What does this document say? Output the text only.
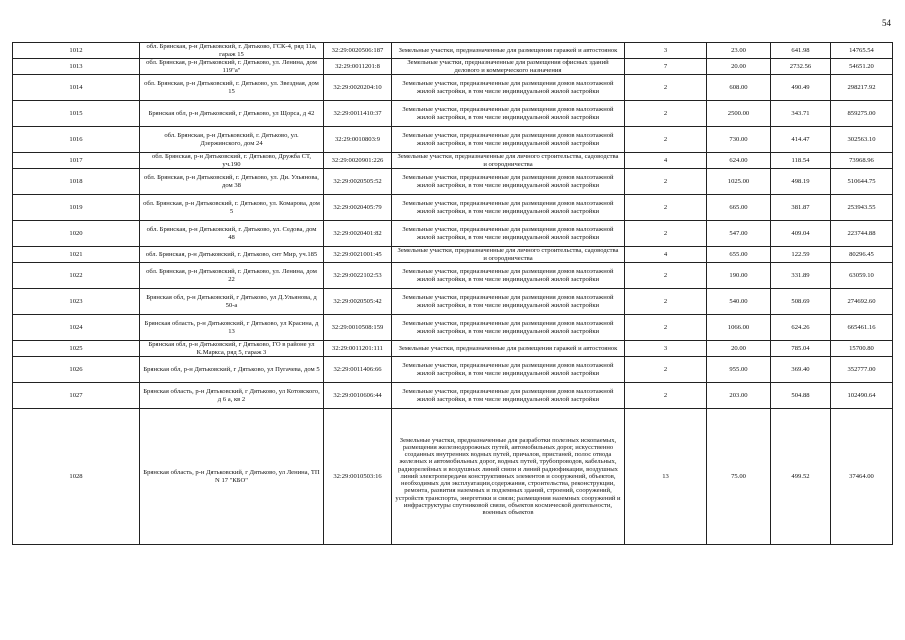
54
1012	обл. Брянская, р-н Дятьковский, г. Дятьково, ГСК-4, ряд 11а, гараж 15	32:29:0020506:187	Земельные участки, предназначенные для размещения гаражей и автостоянок	3	23.00	641.98	14765.54
1013	обл. Брянская, р-н Дятьковский, г. Дятьково, ул. Ленина, дом 119"а"	32:29:0011201:8	Земельные участки, предназначенные для размещения офисных зданий делового и коммерческого назначения	7	20.00	2732.56	54651.20
1014	обл. Брянская, р-н Дятьковский, г. Дятьково, ул. Звездная, дом 15	32:29:0020204:10	Земельные участки, предназначенные для размещения домов малоэтажной жилой застройки, в том числе индивидуальной жилой застройки	2	608.00	490.49	298217.92
1015	Брянская обл, р-н Дятьковский, г Дятьково, ул Щорса, д 42	32:29:0011410:37	Земельные участки, предназначенные для размещения домов малоэтажной жилой застройки, в том числе индивидуальной жилой застройки	2	2500.00	343.71	859275.00
1016	обл. Брянская, р-н Дятьковский, г. Дятьково, ул. Дзержинского, дом 24	32:29:0010803:9	Земельные участки, предназначенные для размещения домов малоэтажной жилой застройки, в том числе индивидуальной жилой застройки	2	730.00	414.47	302563.10
1017	обл. Брянская, р-н Дятьковский, г. Дятьково, Дружба СТ, уч.190	32:29:0020901:226	Земельные участки, предназначенные для личного строительства, садоводства и огородничества	4	624.00	118.54	73968.96
1018	обл. Брянская, р-н Дятьковский, г. Дятьково, ул. Ди. Ульянова, дом 38	32:29:0020505:52	Земельные участки, предназначенные для размещения домов малоэтажной жилой застройки, в том числе индивидуальной жилой застройки	2	1025.00	498.19	510644.75
1019	обл. Брянская, р-н Дятьковский, г. Дятьково, ул. Комарова, дом 5	32:29:0020405:79	Земельные участки, предназначенные для размещения домов малоэтажной жилой застройки, в том числе индивидуальной жилой застройки	2	665.00	381.87	253943.55
1020	обл. Брянская, р-н Дятьковский, г. Дятьково, ул. Седова, дом 48	32:29:0020401:82	Земельные участки, предназначенные для размещения домов малоэтажной жилой застройки, в том числе индивидуальной жилой застройки	2	547.00	409.04	223744.88
1021	обл. Брянская, р-н Дятьковский, г. Дятьково, снт Мир, уч.185	32:29:0021001:45	Земельные участки, предназначенные для личного строительства, садоводства и огородничества	4	655.00	122.59	80296.45
1022	обл. Брянская, р-н Дятьковский, г. Дятьково, ул. Ленина, дом 22	32:29:0022102:53	Земельные участки, предназначенные для размещения домов малоэтажной жилой застройки, в том числе индивидуальной жилой застройки	2	190.00	331.89	63059.10
1023	Брянская обл, р-н Дятьковский, г Дятьково, ул Д.Ульянова, д 50-а	32:29:0020505:42	Земельные участки, предназначенные для размещения домов малоэтажной жилой застройки, в том числе индивидуальной жилой застройки	2	540.00	508.69	274692.60
1024	Брянская область, р-н Дятьковский, г Дятьково, ул Красина, д 13	32:29:0010508:159	Земельные участки, предназначенные для размещения домов малоэтажной жилой застройки, в том числе индивидуальной жилой застройки	2	1066.00	624.26	665461.16
1025	Брянская обл, р-н Дятьковский, г Дятьково, ГО в районе ул К.Маркса, ряд 5, гараж 3	32:29:0011201:111	Земельные участки, предназначенные для размещения гаражей и автостоянок	3	20.00	785.04	15700.80
1026	Брянская обл, р-н Дятьковский, г Дятьково, ул Пугачева, дом 5	32:29:0011406:66	Земельные участки, предназначенные для размещения домов малоэтажной жилой застройки, в том числе индивидуальной жилой застройки	2	955.00	369.40	352777.00
1027	Брянская область, р-н Дятьковский, г Дятьково, ул Котовского, д 6 а, кв 2	32:29:0010606:44	Земельные участки, предназначенные для размещения домов малоэтажной жилой застройки, в том числе индивидуальной жилой застройки	2	203.00	504.88	102490.64
1028	Брянская область, р-н Дятьковский, г Дятьково, ул Ленина, ТП N 17 "КБО"	32:29:0010503:16	Земельные участки, предназначенные для разработки полезных ископаемых, размещения железнодорожных путей, автомобильных дорог, искусственно созданных внутренних водных путей, причалов, пристаней, полос отвода железных и автомобильных дорог, водных путей, трубопроводов, кабельных, радиорелейных и воздушных линий связи и линий радиофикации, воздушных линий электропередачи конструктивных элементов и сооружений, объектов, необходимых для эксплуатации,содержания, строительства, реконструкции, ремонта, развития наземных и подземных зданий, строений, сооружений, устройств транспорта, энергетики и связи; размещения наземных сооружений и инфраструктуры спутниковой связи, объектов космической деятельности, военных объектов	13	75.00	499.52	37464.00
